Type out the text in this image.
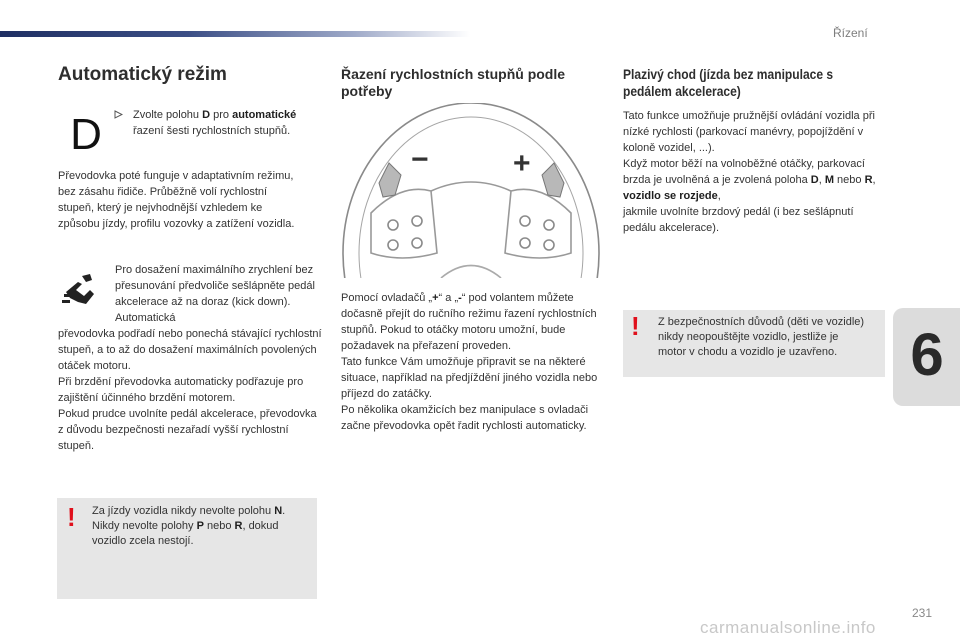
Řízení
6
Automatický režim
D	Zvolte polohu D pro automatické řazení šesti rychlostních stupňů.
Převodovka poté funguje v adaptativním režimu, bez zásahu řidiče. Průběžně volí rychlostní stupeň, který je nejvhodnější vzhledem ke způsobu jízdy, profilu vozovky a zatížení vozidla.
Pro dosažení maximálního zrychlení bez přesunování předvoliče sešlápněte pedál akcelerace až na doraz (kick down). Automatická
převodovka podřadí nebo ponechá stávající rychlostní stupeň, a to až do dosažení maximálních povolených otáček motoru.
Při brzdění převodovka automaticky podřazuje pro zajištění účinného brzdění motorem.
Pokud prudce uvolníte pedál akcelerace, převodovka z důvodu bezpečnosti nezařadí vyšší rychlostní stupeň.
! Za jízdy vozidla nikdy nevolte polohu N.
Nikdy nevolte polohy P nebo R, dokud vozidlo zcela nestojí.
Řazení rychlostních stupňů podle potřeby
−	+
Pomocí ovladačů „+“ a „-“ pod volantem můžete dočasně přejít do ručního režimu řazení rychlostních stupňů. Pokud to otáčky motoru umožní, bude požadavek na přeřazení proveden.
Tato funkce Vám umožňuje připravit se na některé situace, například na předjíždění jiného vozidla nebo příjezd do zatáčky.
Po několika okamžicích bez manipulace s ovladači začne převodovka opět řadit rychlosti automaticky.
Plazivý chod (jízda bez manipulace s pedálem akcelerace)
Tato funkce umožňuje pružnější ovládání vozidla při nízké rychlosti (parkovací manévry, popojíždění v koloně vozidel, ...).
Když motor běží na volnoběžné otáčky, parkovací brzda je uvolněná a je zvolená poloha D, M nebo R, vozidlo se rozjede,
jakmile uvolníte brzdový pedál (i bez sešlápnutí pedálu akcelerace).
! Z bezpečnostních důvodů (děti ve vozidle) nikdy neopouštějte vozidlo, jestliže je motor v chodu a vozidlo je uzavřeno.
231
carmanualsonline.info
